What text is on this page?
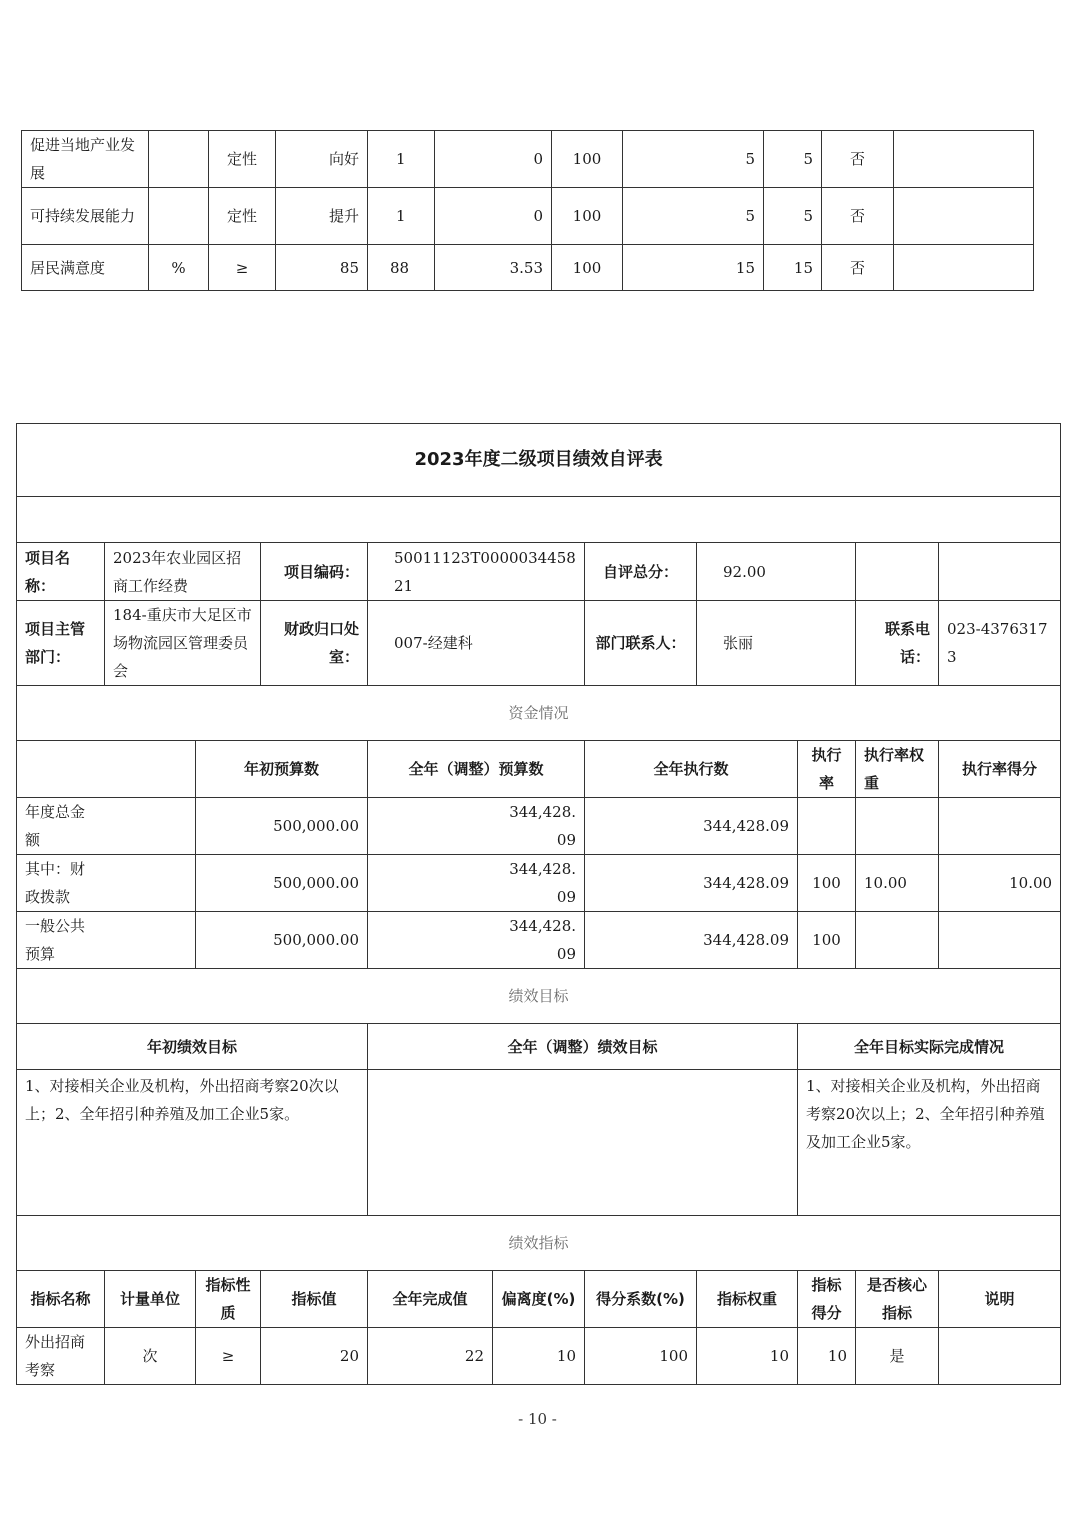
促进当地产业发展		定性	向好	1	0	100	5	5	否	
可持续发展能力		定性	提升	1	0	100	5	5	否	
居民满意度	%	≥	85	88	3.53	100	15	15	否	
2023年度二级项目绩效自评表										

项目名称：	2023年农业园区招商工作经费		项目编码：	50011123T000003445821		自评总分：	92.00			
项目主管部门：	184-重庆市大足区市场物流园区管理委员会		财政归口处室：	007-经建科		部门联系人：	张丽		联系电话：	023-43763173
资金情况										
		年初预算数		全年（调整）预算数		全年执行数		执行率	执行率权重	执行率得分

年度总金额		500,000.00		344,428.09		344,428.09				

其中：财政拨款		500,000.00		344,428.09		344,428.09		100	10.00	10.00

一般公共预算		500,000.00		344,428.09		344,428.09		100		
绩效目标										
年初绩效目标				全年（调整）绩效目标				全年目标实际完成情况		
1、对接相关企业及机构，外出招商考察20次以上；2、全年招引种养殖及加工企业5家。								1、对接相关企业及机构，外出招商考察20次以上；2、全年招引种养殖及加工企业5家。		
绩效指标										
指标名称	计量单位	指标性质	指标值	全年完成值	偏离度(%)	得分系数(%)	指标权重	指标得分	是否核心指标	说明
外出招商考察	次	≥	20	22	10	100	10	10	是	
- 10 -
